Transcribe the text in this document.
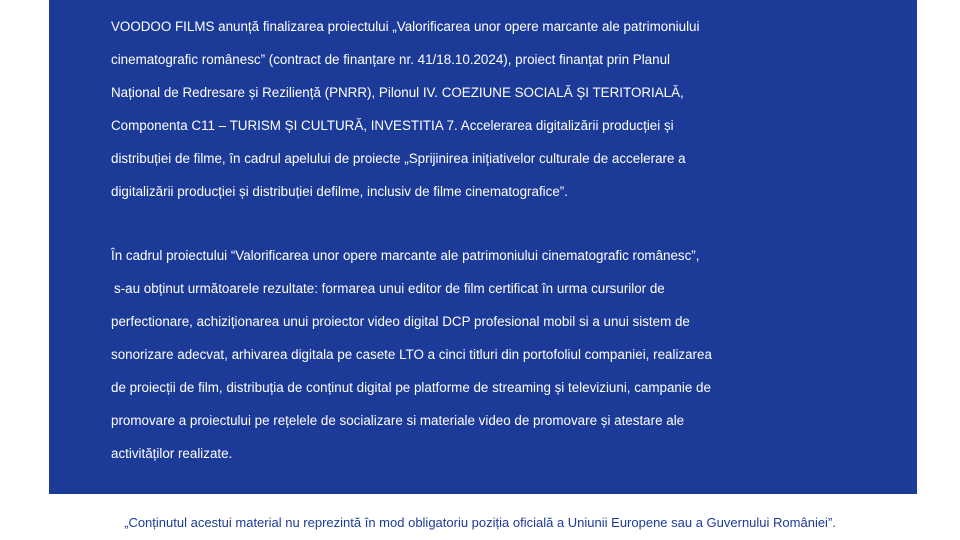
VOODOO FILMS anunță finalizarea proiectului „Valorificarea unor opere marcante ale patrimoniului
cinematografic românesc” (contract de finanțare nr. 41/18.10.2024), proiect finanțat prin Planul
Național de Redresare și Reziliență (PNRR), Pilonul IV. COEZIUNE SOCIALĂ ȘI TERITORIALĂ,
Componenta C11 – TURISM ȘI CULTURĂ, INVESTITIA 7. Accelerarea digitalizării producției și
distribuției de filme, în cadrul apelului de proiecte „Sprijinirea inițiativelor culturale de accelerare a
digitalizării producției și distribuției defilme, inclusiv de filme cinematografice”.
În cadrul proiectului “Valorificarea unor opere marcante ale patrimoniului cinematografic românesc”,
s-au obținut următoarele rezultate: formarea unui editor de film certificat în urma cursurilor de
perfectionare, achiziționarea unui proiector video digital DCP profesional mobil si a unui sistem de
sonorizare adecvat, arhivarea digitala pe casete LTO a cinci titluri din portofoliul companiei, realizarea
de proiecții de film, distribuția de conținut digital pe platforme de streaming și televiziuni, campanie de
promovare a proiectului pe rețelele de socializare si materiale video de promovare și atestare ale
activităților realizate.
„Conținutul acestui material nu reprezintă în mod obligatoriu poziția oficială a Uniunii Europene sau a Guvernului României”.
